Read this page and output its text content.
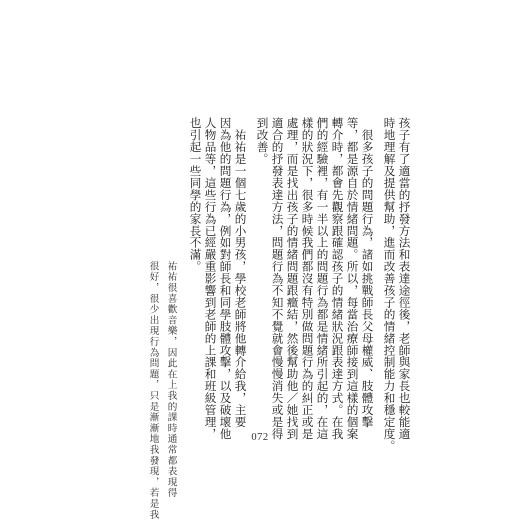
孩子有了適當的抒發方法和表達途徑後，老師與家長也較能適
時地理解及提供幫助，進而改善孩子的情緒控制能力和穩定度。
　很多孩子的問題行為，諸如挑戰師長父母權威、肢體攻擊
等，都是源自於情緒問題。所以，每當治療師接到這樣的個案
轉介時，都會先觀察跟確認孩子的情緒狀況跟表達方式。在我
們的經驗裡，有一半以上的問題行為都是情緒所引起的，在這
樣的狀況下，很多時候我們都沒有特別做問題行為的糾正或是
處理，而是找出孩子的情緒問題跟癥結，然後幫助他／她找到
適合的抒發表達方法，問題行為不知不覺就會慢慢消失或是得
到改善。
　祐祐是一個七歲的小男孩，學校老師將他轉介給我，主要
因為他的問題行為，例如對師長和同學肢體攻擊，以及破壞他
人物品等，這些行為已經嚴重影響到老師的上課和班級管理，
也引起一些同學的家長不滿。
祐祐很喜歡音樂，因此在上我的課時通常都表現得
很好，很少出現行為問題，只是漸漸地我發現，若是我	072
